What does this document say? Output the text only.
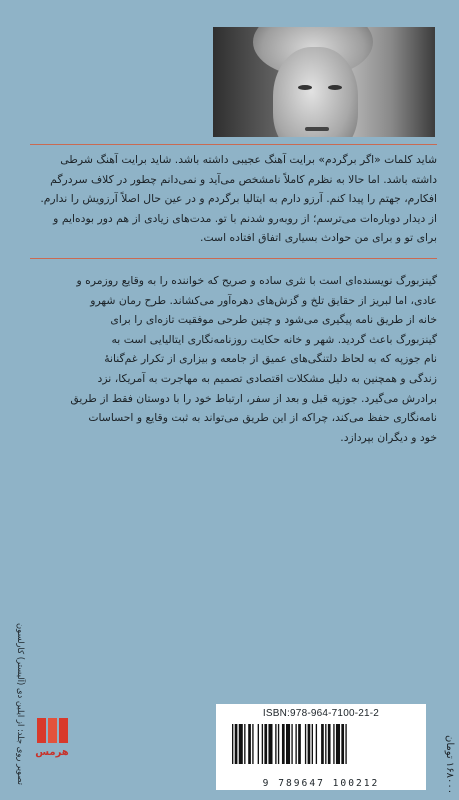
شاید کلمات «اگر برگردم» برایت آهنگ عجیبی داشته باشد. شاید برایت آهنگ شرطی
داشته باشد. اما حالا به نظرم کاملاً نامشخص می‌آید و نمی‌دانم چطور در کلاف سردرگم
افکارم، جهتم را پیدا کنم. آرزو دارم به ایتالیا برگردم و در عین حال اصلاً آرزویش را ندارم.
از دیدار دوباره‌ات می‌ترسم؛ از روبه‌رو شدنم با تو. مدت‌های زیادی از هم دور بوده‌ایم و
برای تو و برای من حوادث بسیاری اتفاق افتاده است.
گینزبورگ نویسنده‌ای است با نثری ساده و صریح که خواننده را به وقایع روزمره و
عادی، اما لبریز از حقایق تلخ و گزش‌های دهره‌آور می‌کشاند. طرح رمان شهرو
خانه از طریق نامه پیگیری می‌شود و چنین طرحی موفقیت تازه‌ای را برای
گینزبورگ باعث گردید. شهر و خانه حکایت روزنامه‌نگاری ایتالیایی است به
نام جوزپه که به لحاظ دلتنگی‌های عمیق از جامعه و بیزاری از تکرار غم‌گنانهٔ
زندگی و همچنین به دلیل مشکلات اقتصادی تصمیم به مهاجرت به آمریکا، نزد
برادرش می‌گیرد. جوزپه قبل و بعد از سفر، ارتباط خود را با دوستان فقط از طریق
نامه‌نگاری حفظ می‌کند، چراکه از این طریق می‌تواند به ثبت وقایع و احساسات
خود و دیگران بپردازد.
تصویر روی جلد: از ایلین دی (آلیستر) کارلسون هرمس
ISBN:978-964-7100-21-2
9 789647 100212
۱۶۸۰۰۰ تومان
